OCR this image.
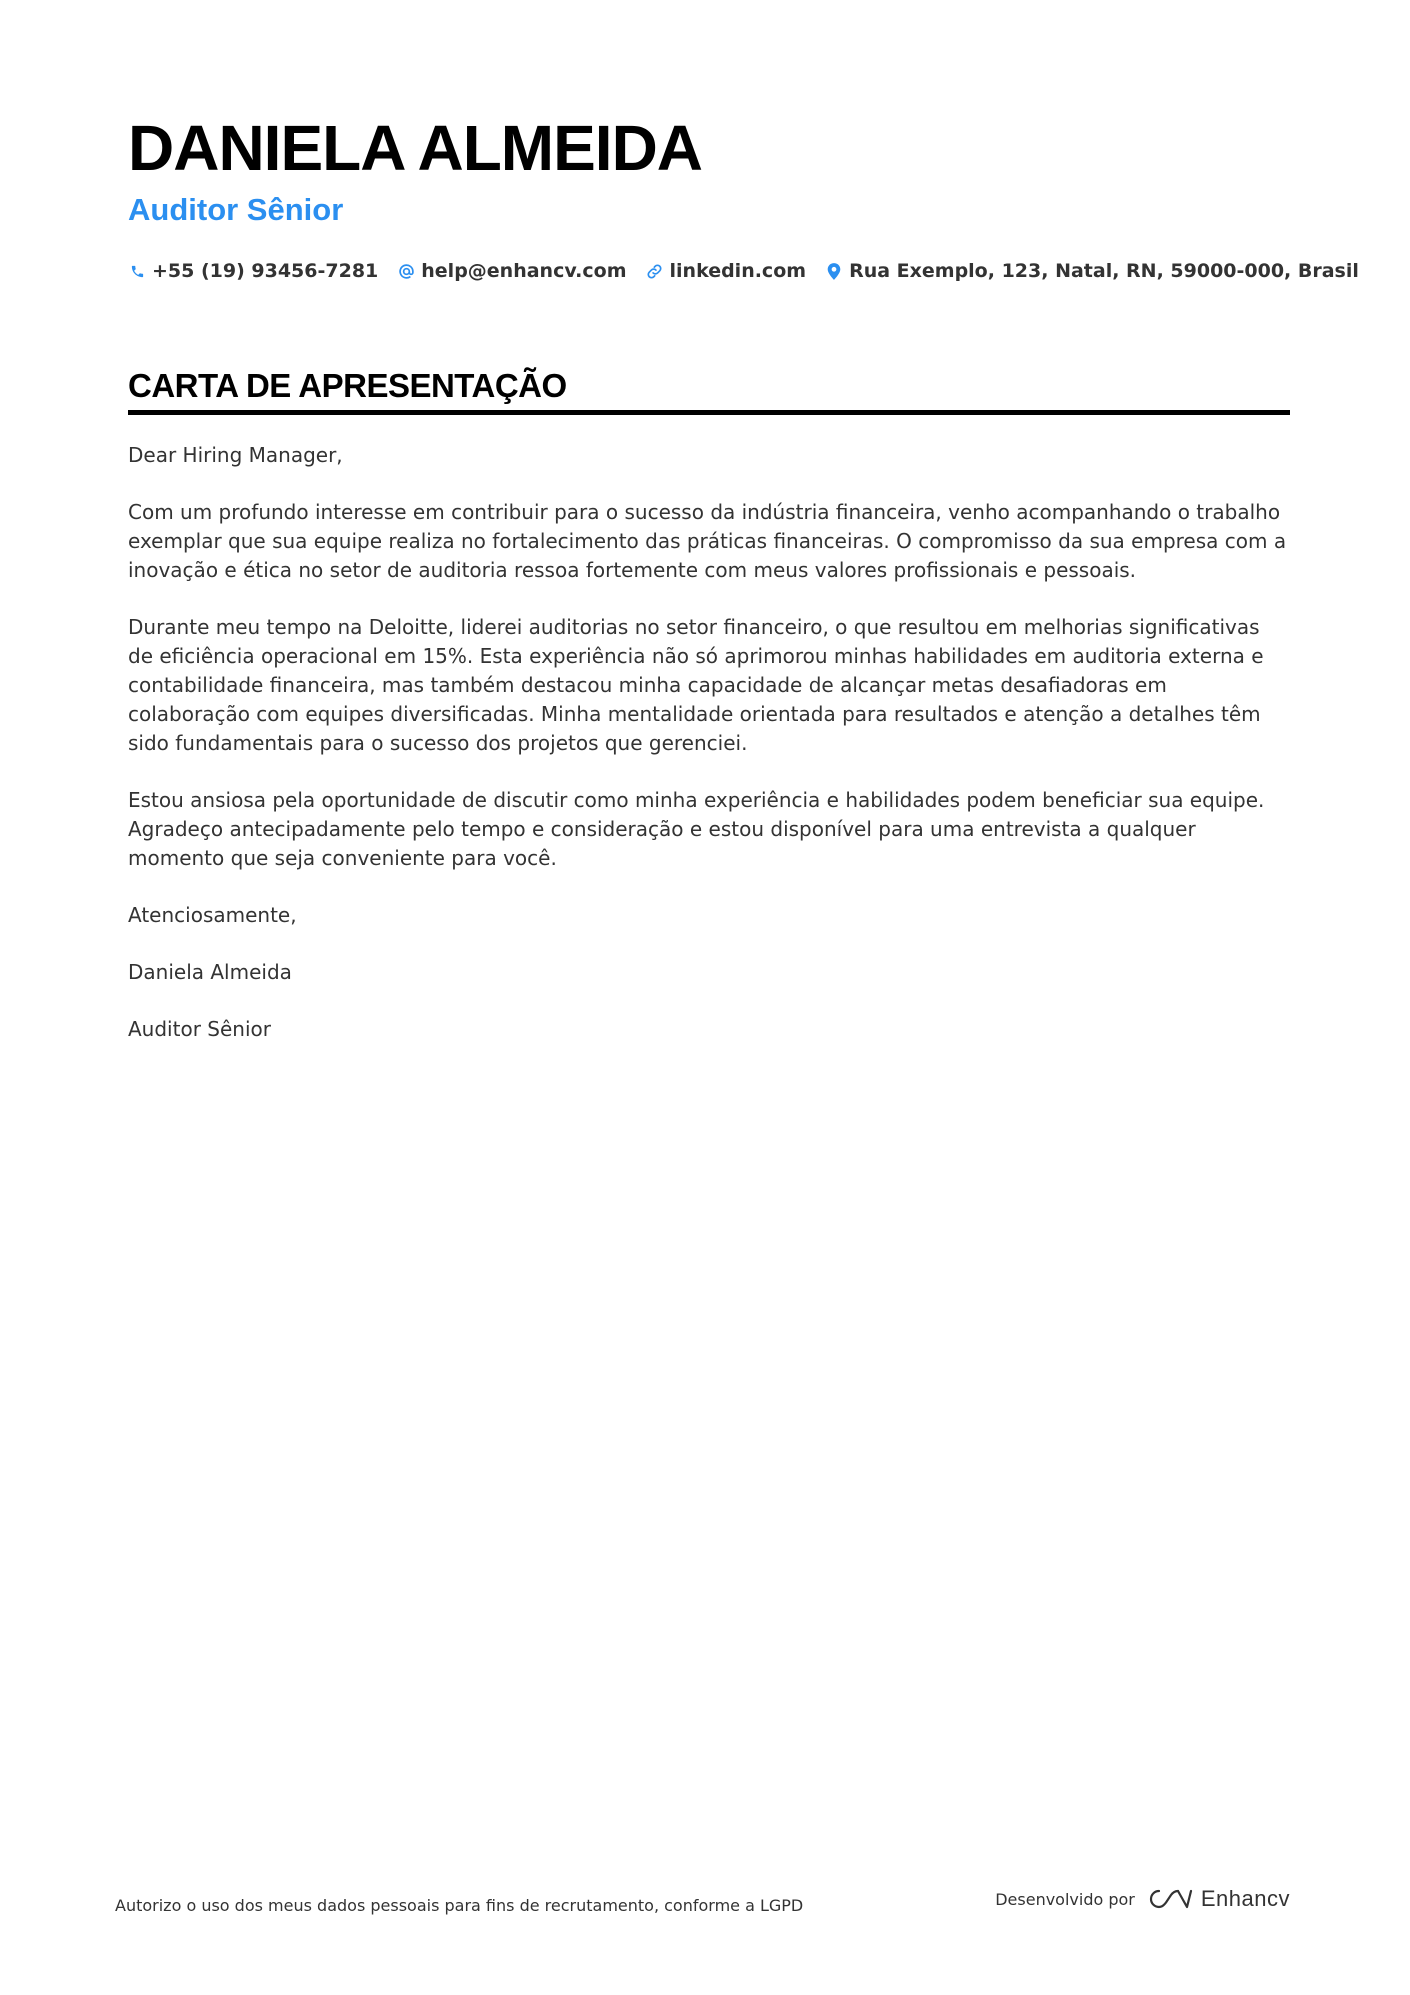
DANIELA ALMEIDA
Auditor Sênior
+55 (19) 93456-7281 help@enhancv.com linkedin.com Rua Exemplo, 123, Natal, RN, 59000-000, Brasil
CARTA DE APRESENTAÇÃO

Dear Hiring Manager,

Com um profundo interesse em contribuir para o sucesso da indústria financeira, venho acompanhando o trabalho exemplar que sua equipe realiza no fortalecimento das práticas financeiras. O compromisso da sua empresa com a inovação e ética no setor de auditoria ressoa fortemente com meus valores profissionais e pessoais.

Durante meu tempo na Deloitte, liderei auditorias no setor financeiro, o que resultou em melhorias significativas de eficiência operacional em 15%. Esta experiência não só aprimorou minhas habilidades em auditoria externa e contabilidade financeira, mas também destacou minha capacidade de alcançar metas desafiadoras em colaboração com equipes diversificadas. Minha mentalidade orientada para resultados e atenção a detalhes têm sido fundamentais para o sucesso dos projetos que gerenciei.

Estou ansiosa pela oportunidade de discutir como minha experiência e habilidades podem beneficiar sua equipe. Agradeço antecipadamente pelo tempo e consideração e estou disponível para uma entrevista a qualquer momento que seja conveniente para você.

Atenciosamente,

Daniela Almeida

Auditor Sênior

Autorizo o uso dos meus dados pessoais para fins de recrutamento, conforme a LGPD	Desenvolvido por	Enhancv
